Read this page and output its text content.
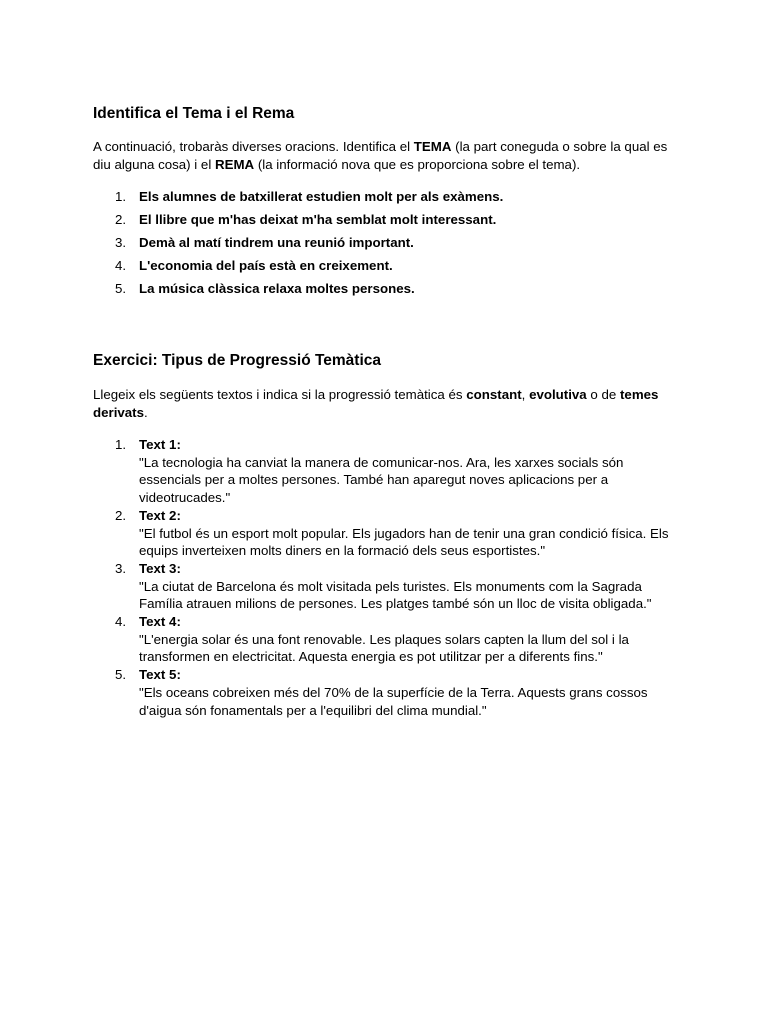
Identifica el Tema i el Rema

A continuació, trobaràs diverses oracions. Identifica el TEMA (la part coneguda o sobre la qual es diu alguna cosa) i el REMA (la informació nova que es proporciona sobre el tema).

1. Els alumnes de batxillerat estudien molt per als exàmens.
2. El llibre que m'has deixat m'ha semblat molt interessant.
3. Demà al matí tindrem una reunió important.
4. L'economia del país està en creixement.
5. La música clàssica relaxa moltes persones.
Exercici: Tipus de Progressió Temàtica

Llegeix els següents textos i indica si la progressió temàtica és constant, evolutiva o de temes derivats.

1. Text 1:
"La tecnologia ha canviat la manera de comunicar-nos. Ara, les xarxes socials són essencials per a moltes persones. També han aparegut noves aplicacions per a videotrucades."
2. Text 2:
"El futbol és un esport molt popular. Els jugadors han de tenir una gran condició física. Els equips inverteixen molts diners en la formació dels seus esportistes."
3. Text 3:
"La ciutat de Barcelona és molt visitada pels turistes. Els monuments com la Sagrada Família atrauen milions de persones. Les platges també són un lloc de visita obligada."
4. Text 4:
"L'energia solar és una font renovable. Les plaques solars capten la llum del sol i la transformen en electricitat. Aquesta energia es pot utilitzar per a diferents fins."
5. Text 5:
"Els oceans cobreixen més del 70% de la superfície de la Terra. Aquests grans cossos d'aigua són fonamentals per a l'equilibri del clima mundial."
